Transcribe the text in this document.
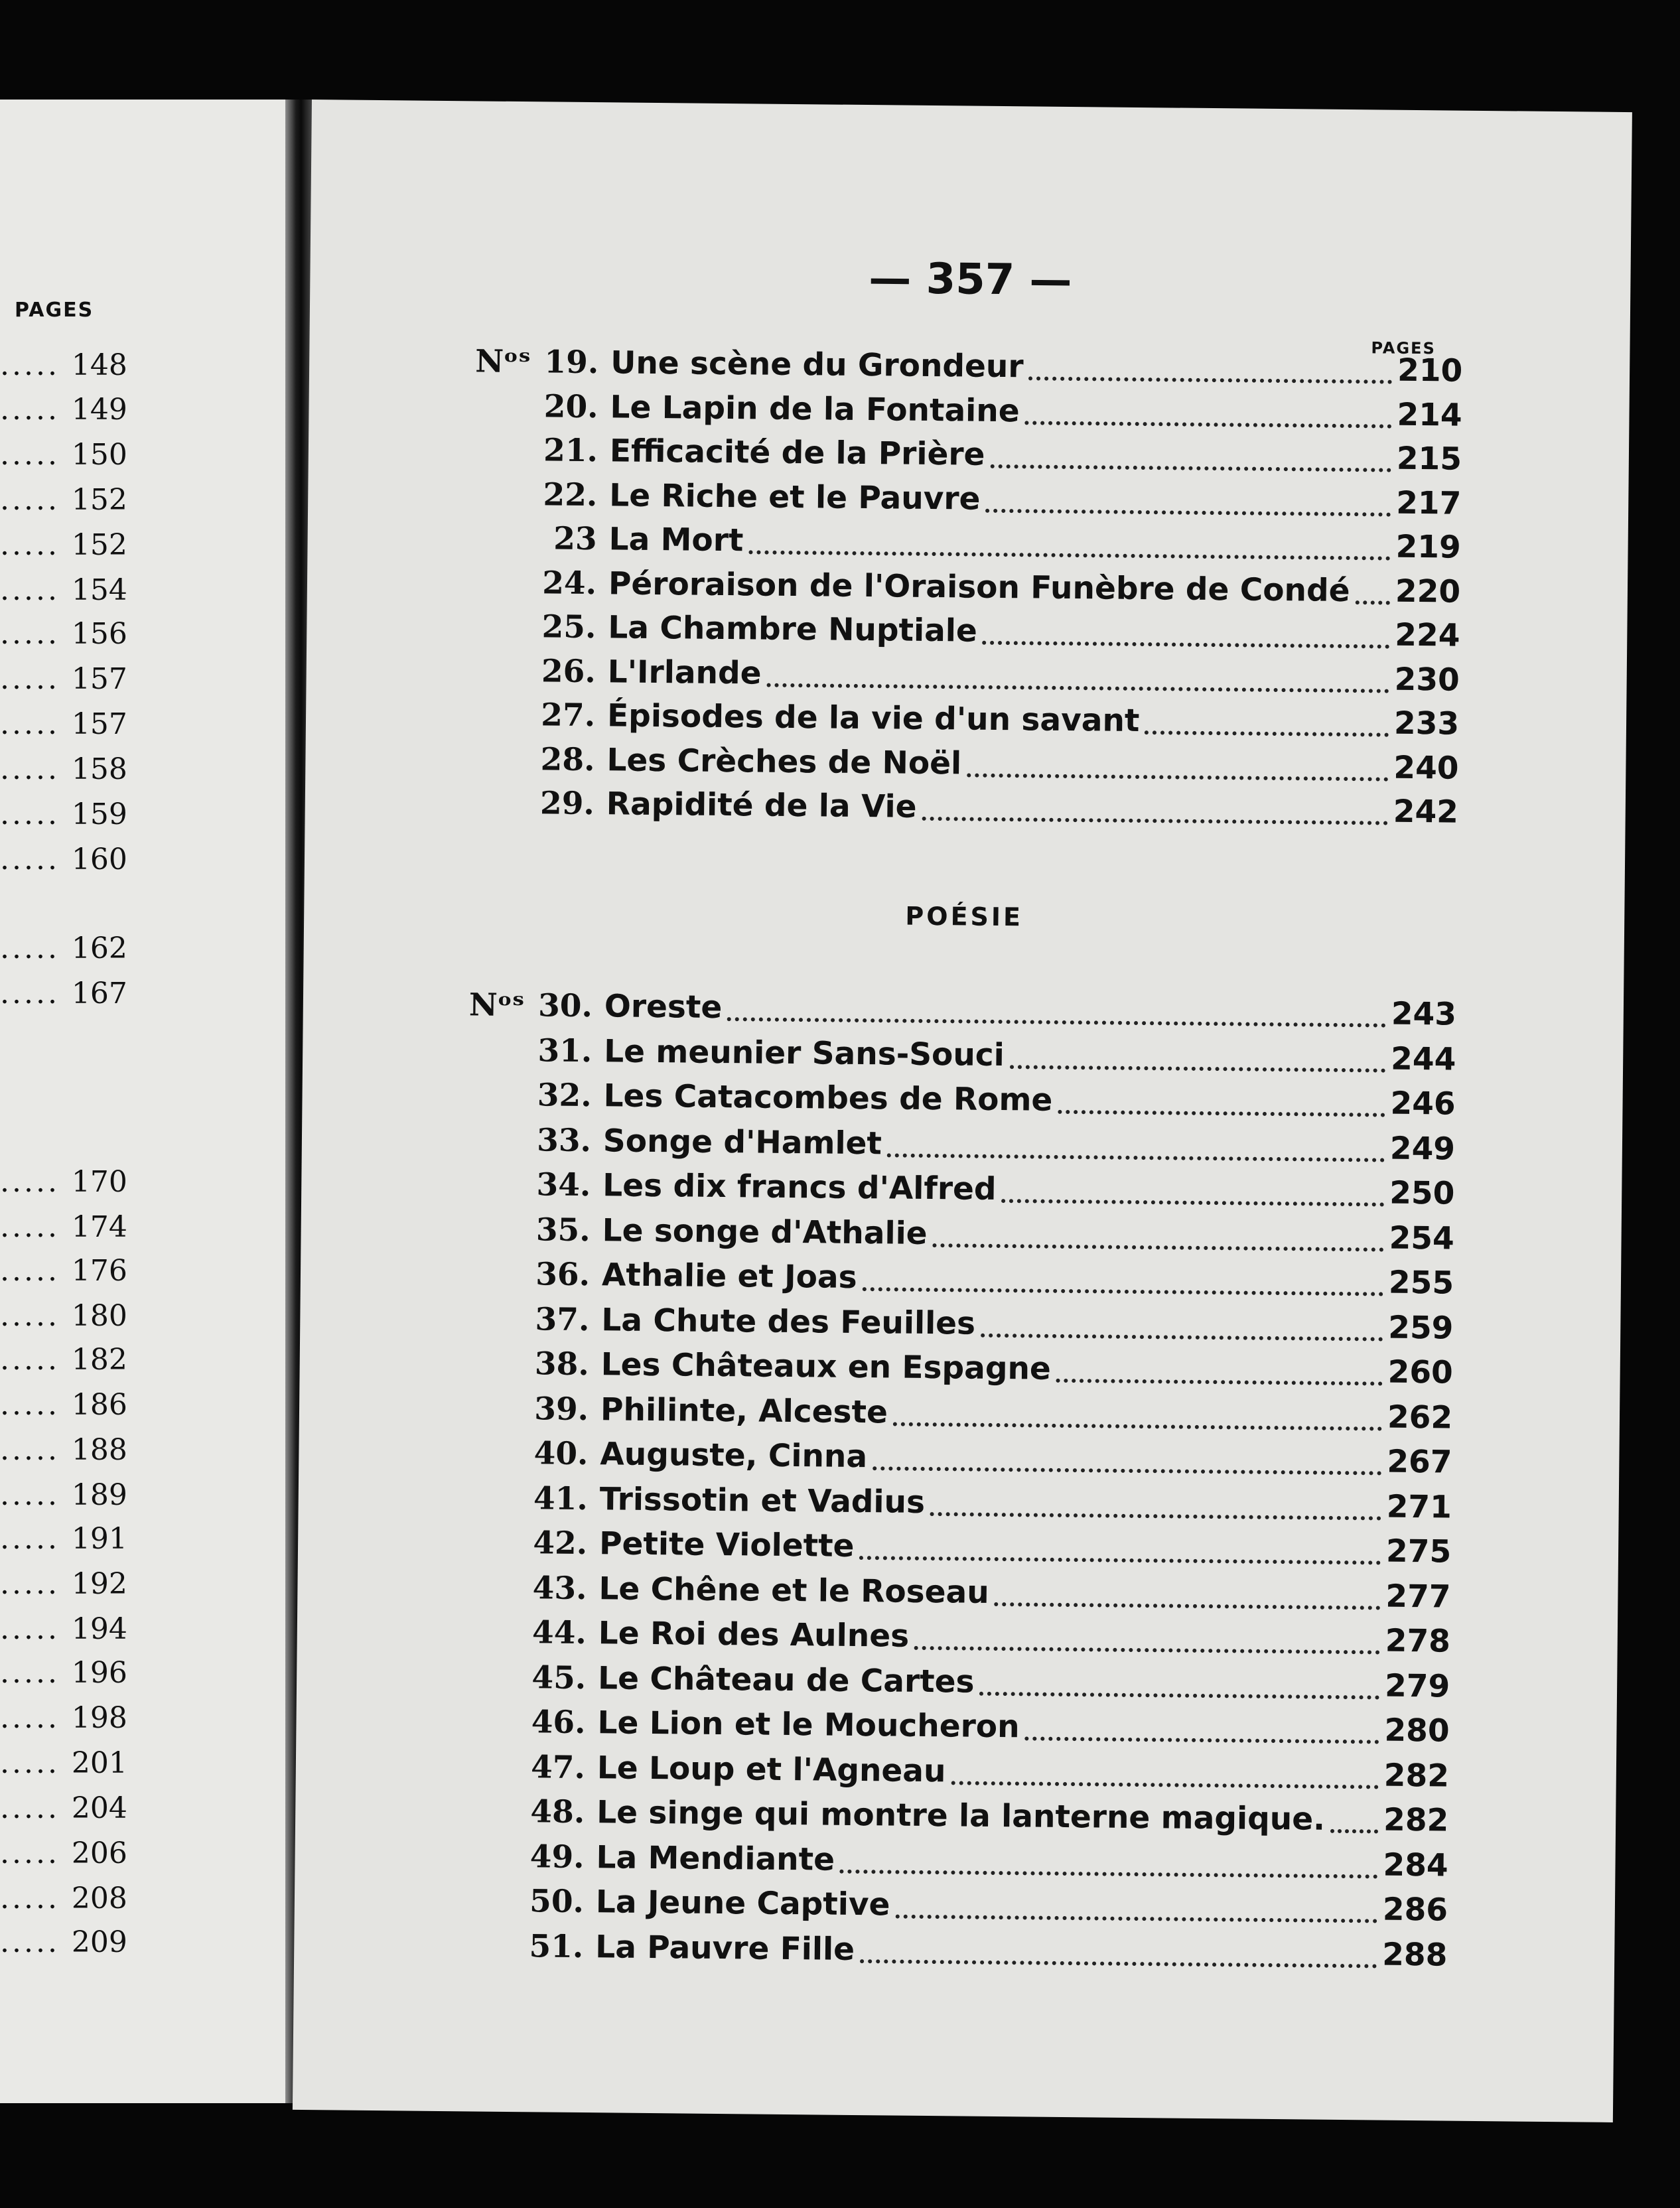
PAGES
..... 148
..... 149
..... 150
..... 152
..... 152
..... 154
..... 156
..... 157
..... 157
..... 158
..... 159
..... 160
..... 162
..... 167
..... 170
..... 174
..... 176
..... 180
..... 182
..... 186
..... 188
..... 189
..... 191
..... 192
..... 194
..... 196
..... 198
..... 201
..... 204
..... 206
..... 208
..... 209
— 357 —
PAGES
Nᵒˢ 19. Une scène du Grondeur	210
20. Le Lapin de la Fontaine	214
21. Efficacité de la Prière	215
22. Le Riche et le Pauvre	217
23 La Mort	219
24. Péroraison de l'Oraison Funèbre de Condé 220
25. La Chambre Nuptiale	224
26. L'Irlande	230
27. Épisodes de la vie d'un savant	233
28. Les Crèches de Noël	240
29. Rapidité de la Vie	242
POÉSIE
Nᵒˢ 30. Oreste	243
31. Le meunier Sans-Souci	244
32. Les Catacombes de Rome	246
33. Songe d'Hamlet	249
34. Les dix francs d'Alfred	250
35. Le songe d'Athalie	254
36. Athalie et Joas	255
37. La Chute des Feuilles	259
38. Les Châteaux en Espagne	260
39. Philinte, Alceste	262
40. Auguste, Cinna	267
41. Trissotin et Vadius	271
42. Petite Violette	275
43. Le Chêne et le Roseau	277
44. Le Roi des Aulnes	278
45. Le Château de Cartes	279
46. Le Lion et le Moucheron	280
47. Le Loup et l'Agneau	282
48. Le singe qui montre la lanterne magique. 282
49. La Mendiante	284
50. La Jeune Captive	286
51. La Pauvre Fille	288
